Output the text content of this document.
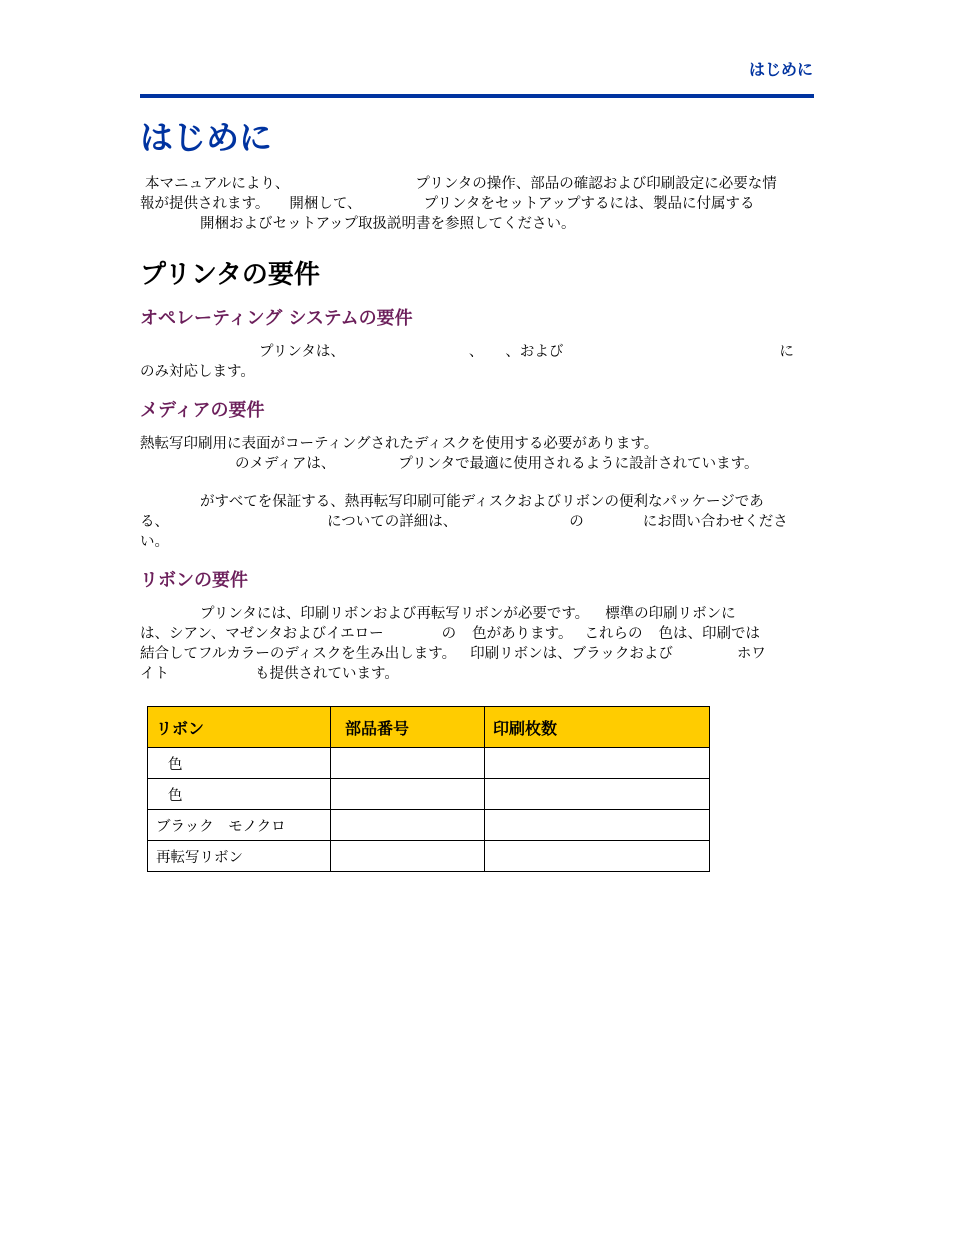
はじめに
はじめに

本マニュアルにより、	プリンタの操作、部品の確認および印刷設定に必要な情

報が提供されます。 開梱して、	プリンタをセットアップするには、製品に付属する

開梱およびセットアップ取扱説明書を参照してください。

プリンタの要件
オペレーティング システムの要件

プリンタは、	、 、および	に

のみ対応します。

メディアの要件

熱転写印刷用に表面がコーティングされたディスクを使用する必要があります。

のメディアは、	プリンタで最適に使用されるように設計されています。

がすべてを保証する、熱再転写印刷可能ディスクおよびリボンの便利なパッケージであ

る、	についての詳細は、	の	にお問い合わせくださ

い。

リボンの要件

プリンタには、印刷リボンおよび再転写リボンが必要です。 標準の印刷リボンに

は、シアン、マゼンタおよびイエロー	の 色があります。 これらの 色は、印刷では

結合してフルカラーのディスクを生み出します。 印刷リボンは、ブラックおよび	ホワ

イト	も提供されています。

リボン	部品番号	印刷枚数
色		
色		
ブラック　モノクロ		
再転写リボン		
